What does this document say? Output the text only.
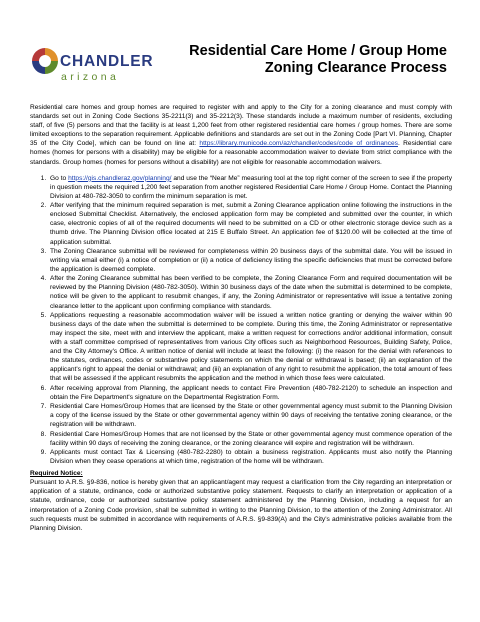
CHANDLER
arizona
Residential Care Home / Group Home
Zoning Clearance Process

Residential care homes and group homes are required to register with and apply to the City for a zoning clearance and must comply with standards set out in Zoning Code Sections 35-2211(3) and 35-2212(3). These standards include a maximum number of residents, excluding staff, of five (5) persons and that the facility is at least 1,200 feet from other registered residential care homes / group homes. There are some limited exceptions to the separation requirement. Applicable definitions and standards are set out in the Zoning Code [Part VI. Planning, Chapter 35 of the City Code], which can be found on line at: https://library.municode.com/az/chandler/codes/code_of_ordinances. Residential care homes (homes for persons with a disability) may be eligible for a reasonable accommodation waiver to deviate from strict compliance with the standards. Group homes (homes for persons without a disability) are not eligible for reasonable accommodation waivers.

1. Go to https://gis.chandleraz.gov/planning/ and use the “Near Me” measuring tool at the top right corner of the screen to see if the property in question meets the required 1,200 feet separation from another registered Residential Care Home / Group Home. Contact the Planning Division at 480-782-3050 to confirm the minimum separation is met.
2. After verifying that the minimum required separation is met, submit a Zoning Clearance application online following the instructions in the enclosed Submittal Checklist. Alternatively, the enclosed application form may be completed and submitted over the counter, in which case, electronic copies of all of the required documents will need to be submitted on a CD or other electronic storage device such as a thumb drive. The Planning Division office located at 215 E Buffalo Street. An application fee of $120.00 will be collected at the time of application submittal.
3. The Zoning Clearance submittal will be reviewed for completeness within 20 business days of the submittal date. You will be issued in writing via email either (i) a notice of completion or (ii) a notice of deficiency listing the specific deficiencies that must be corrected before the application is deemed complete.
4. After the Zoning Clearance submittal has been verified to be complete, the Zoning Clearance Form and required documentation will be reviewed by the Planning Division (480-782-3050). Within 30 business days of the date when the submittal is determined to be complete, notice will be given to the applicant to resubmit changes, if any, the Zoning Administrator or representative will issue a tentative zoning clearance letter to the applicant upon confirming compliance with standards.
5. Applications requesting a reasonable accommodation waiver will be issued a written notice granting or denying the waiver within 90 business days of the date when the submittal is determined to be complete. During this time, the Zoning Administrator or representative may inspect the site, meet with and interview the applicant, make a written request for corrections and/or additional information, consult with a staff committee comprised of representatives from various City offices such as Neighborhood Resources, Building Safety, Police, and the City Attorney's Office. A written notice of denial will include at least the following: (i) the reason for the denial with references to the statutes, ordinances, codes or substantive policy statements on which the denial or withdrawal is based; (ii) an explanation of the applicant's right to appeal the denial or withdrawal; and (iii) an explanation of any right to resubmit the application, the total amount of fees that will be assessed if the applicant resubmits the application and the method in which those fees were calculated.
6. After receiving approval from Planning, the applicant needs to contact Fire Prevention (480-782-2120) to schedule an inspection and obtain the Fire Department's signature on the Departmental Registration Form.
7. Residential Care Homes/Group Homes that are licensed by the State or other governmental agency must submit to the Planning Division a copy of the license issued by the State or other governmental agency within 90 days of receiving the tentative zoning clearance, or the registration will be withdrawn.
8. Residential Care Homes/Group Homes that are not licensed by the State or other governmental agency must commence operation of the facility within 90 days of receiving the zoning clearance, or the zoning clearance will expire and registration will be withdrawn.
9. Applicants must contact Tax & Licensing (480-782-2280) to obtain a business registration. Applicants must also notify the Planning Division when they cease operations at which time, registration of the home will be withdrawn.
Required Notice:

Pursuant to A.R.S. §9-836, notice is hereby given that an applicant/agent may request a clarification from the City regarding an interpretation or application of a statute, ordinance, code or authorized substantive policy statement. Requests to clarify an interpretation or application of a statute, ordinance, code or authorized substantive policy statement administered by the Planning Division, including a request for an interpretation of a Zoning Code provision, shall be submitted in writing to the Planning Division, to the attention of the Zoning Administrator. All such requests must be submitted in accordance with requirements of A.R.S. §9-839(A) and the City's administrative policies available from the Planning Division.
